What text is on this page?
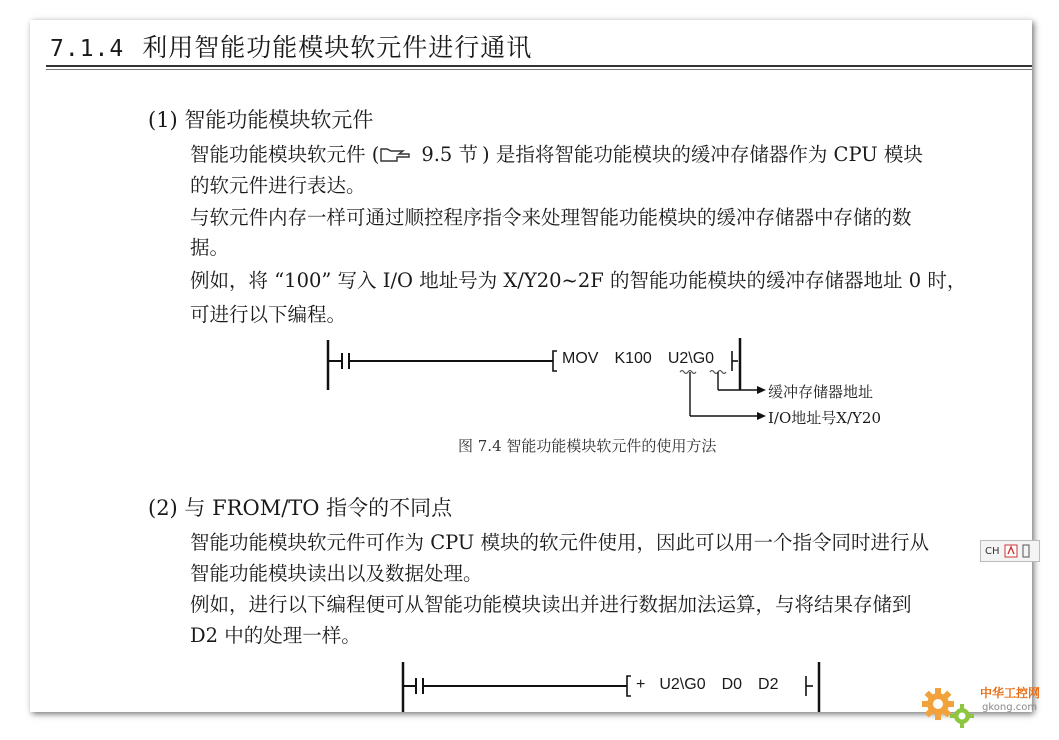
7.1.4 利用智能功能模块软元件进行通讯
(1) 智能功能模块软元件
智能功能模块软元件 ( 9.5 节 ) 是指将智能功能模块的缓冲存储器作为 CPU 模块
的软元件进行表达。
与软元件内存一样可通过顺控程序指令来处理智能功能模块的缓冲存储器中存储的数
据。
例如，将 “100” 写入 I/O 地址号为 X/Y20~2F 的智能功能模块的缓冲存储器地址 0 时，
可进行以下编程。
MOV K100 U2\G0
缓冲存储器地址
I/O地址号X/Y20
图 7.4 智能功能模块软元件的使用方法
(2) 与 FROM/TO 指令的不同点
智能功能模块软元件可作为 CPU 模块的软元件使用，因此可以用一个指令同时进行从
智能功能模块读出以及数据处理。
例如，进行以下编程便可从智能功能模块读出并进行数据加法运算，与将结果存储到
D2 中的处理一样。
+ U2\G0 D0 D2
CH
中华工控网
gkong.com
